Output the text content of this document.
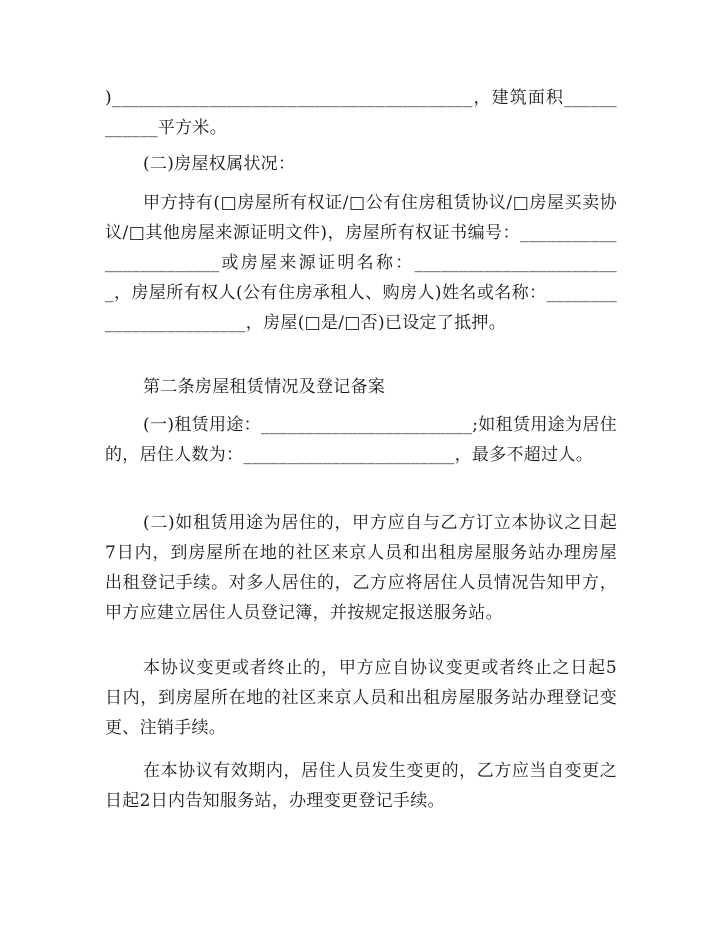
)_________________________________________，建筑面积____________平方米。

(二)房屋权属状况：

甲方持有(□房屋所有权证/□公有住房租赁协议/□房屋买卖协议/□其他房屋来源证明文件)，房屋所有权证书编号：________________________或房屋来源证明名称：________________________，房屋所有权人(公有住房承租人、购房人)姓名或名称：________________________，房屋(□是/□否)已设定了抵押。

第二条房屋租赁情况及登记备案

(一)租赁用途：________________________;如租赁用途为居住的，居住人数为：________________________，最多不超过人。

(二)如租赁用途为居住的，甲方应自与乙方订立本协议之日起7日内，到房屋所在地的社区来京人员和出租房屋服务站办理房屋出租登记手续。对多人居住的，乙方应将居住人员情况告知甲方，甲方应建立居住人员登记簿，并按规定报送服务站。

本协议变更或者终止的，甲方应自协议变更或者终止之日起5日内，到房屋所在地的社区来京人员和出租房屋服务站办理登记变更、注销手续。

在本协议有效期内，居住人员发生变更的，乙方应当自变更之日起2日内告知服务站，办理变更登记手续。
